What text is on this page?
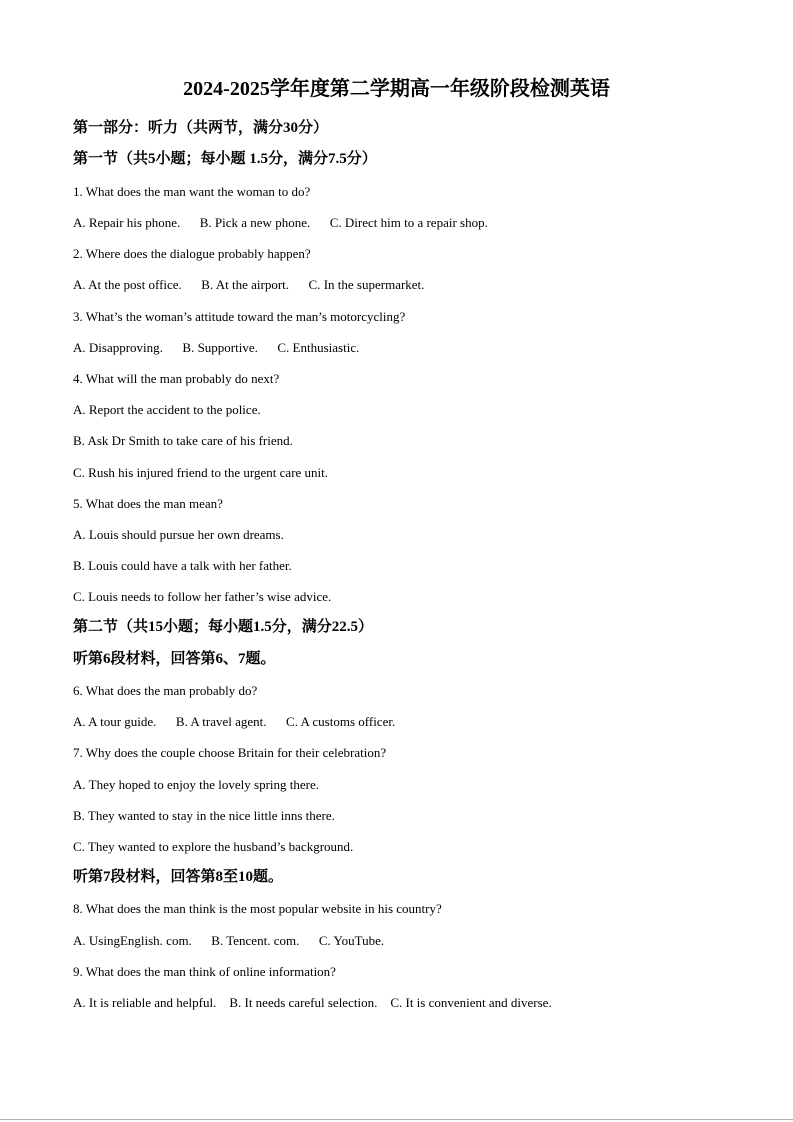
2024-2025学年度第二学期高一年级阶段检测英语
第一部分：听力（共两节，满分30分）
第一节（共5小题；每小题 1.5分，满分7.5分）
1. What does the man want the woman to do?
A. Repair his phone.      B. Pick a new phone.      C. Direct him to a repair shop.
2. Where does the dialogue probably happen?
A. At the post office.      B. At the airport.      C. In the supermarket.
3. What’s the woman’s attitude toward the man’s motorcycling?
A. Disapproving.      B. Supportive.      C. Enthusiastic.
4. What will the man probably do next?
A. Report the accident to the police.
B. Ask Dr Smith to take care of his friend.
C. Rush his injured friend to the urgent care unit.
5. What does the man mean?
A. Louis should pursue her own dreams.
B. Louis could have a talk with her father.
C. Louis needs to follow her father’s wise advice.
第二节（共15小题；每小题1.5分，满分22.5）
听第6段材料，回答第6、7题。
6. What does the man probably do?
A. A tour guide.      B. A travel agent.      C. A customs officer.
7. Why does the couple choose Britain for their celebration?
A. They hoped to enjoy the lovely spring there.
B. They wanted to stay in the nice little inns there.
C. They wanted to explore the husband’s background.
听第7段材料，回答第8至10题。
8. What does the man think is the most popular website in his country?
A. UsingEnglish. com.      B. Tencent. com.      C. YouTube.
9. What does the man think of online information?
A. It is reliable and helpful.    B. It needs careful selection.    C. It is convenient and diverse.
